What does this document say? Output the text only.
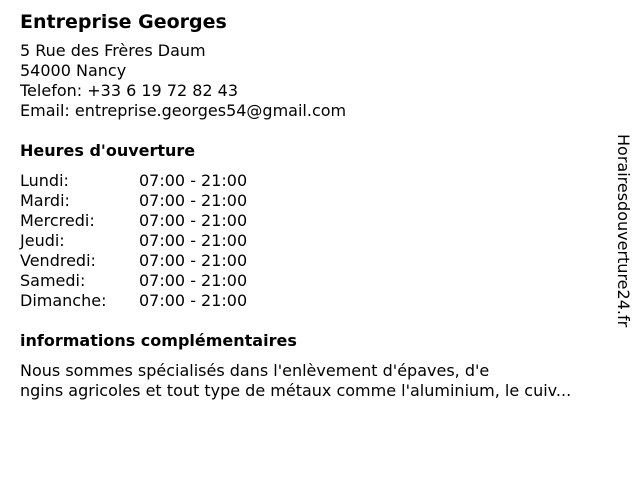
Entreprise Georges
5 Rue des Frères Daum
54000 Nancy
Telefon: +33 6 19 72 82 43
Email: entreprise.georges54@gmail.com
Heures d'ouverture
Lundi:	07:00 - 21:00
Mardi:	07:00 - 21:00
Mercredi:	07:00 - 21:00
Jeudi:	07:00 - 21:00
Vendredi:	07:00 - 21:00
Samedi:	07:00 - 21:00
Dimanche: 07:00 - 21:00
informations complémentaires
Nous sommes spécialisés dans l'enlèvement d'épaves, d'e
ngins agricoles et tout type de métaux comme l'aluminium, le cuiv...
Horairesdouverture24.fr
